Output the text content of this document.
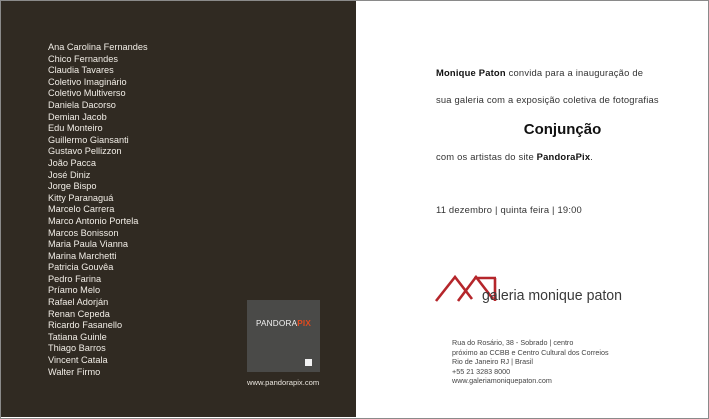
Ana Carolina Fernandes
Chico Fernandes
Claudia Tavares
Coletivo Imaginário
Coletivo Multiverso
Daniela Dacorso
Demian Jacob
Edu Monteiro
Guillermo Giansanti
Gustavo Pellizzon
João Pacca
José Diniz
Jorge Bispo
Kitty Paranaguá
Marcelo Carrera
Marco Antonio Portela
Marcos Bonisson
Maria Paula Vianna
Marina Marchetti
Patricia Gouvêa
Pedro Farina
Príamo Melo
Rafael Adorján
Renan Cepeda
Ricardo Fasanello
Tatiana Guinle
Thiago Barros
Vincent Catala
Walter Firmo
PANDORAPIX
www.pandorapix.com
Monique Paton convida para a inauguração de
sua galeria com a exposição coletiva de fotografias
Conjunção
com os artistas do site PandoraPix.
11 dezembro | quinta feira | 19:00
galeria monique paton
Rua do Rosário, 38 - Sobrado | centro
próximo ao CCBB e Centro Cultural dos Correios
Rio de Janeiro RJ | Brasil
+55 21 3283 8000
www.galeriamoniquepaton.com
